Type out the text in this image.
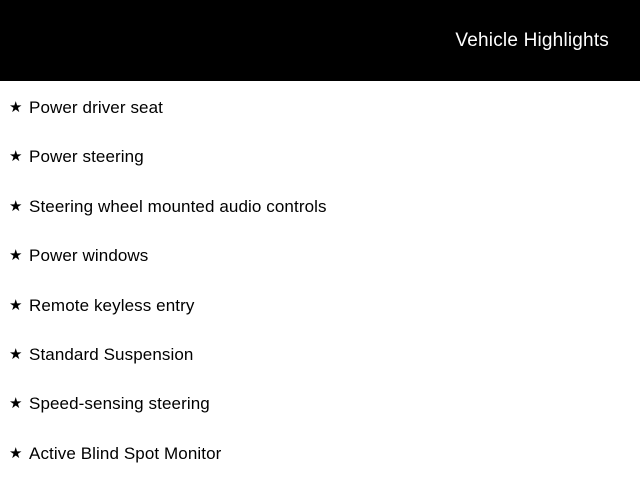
Vehicle Highlights
★ Power driver seat
★ Power steering
★ Steering wheel mounted audio controls
★ Power windows
★ Remote keyless entry
★ Standard Suspension
★ Speed-sensing steering
★ Active Blind Spot Monitor
